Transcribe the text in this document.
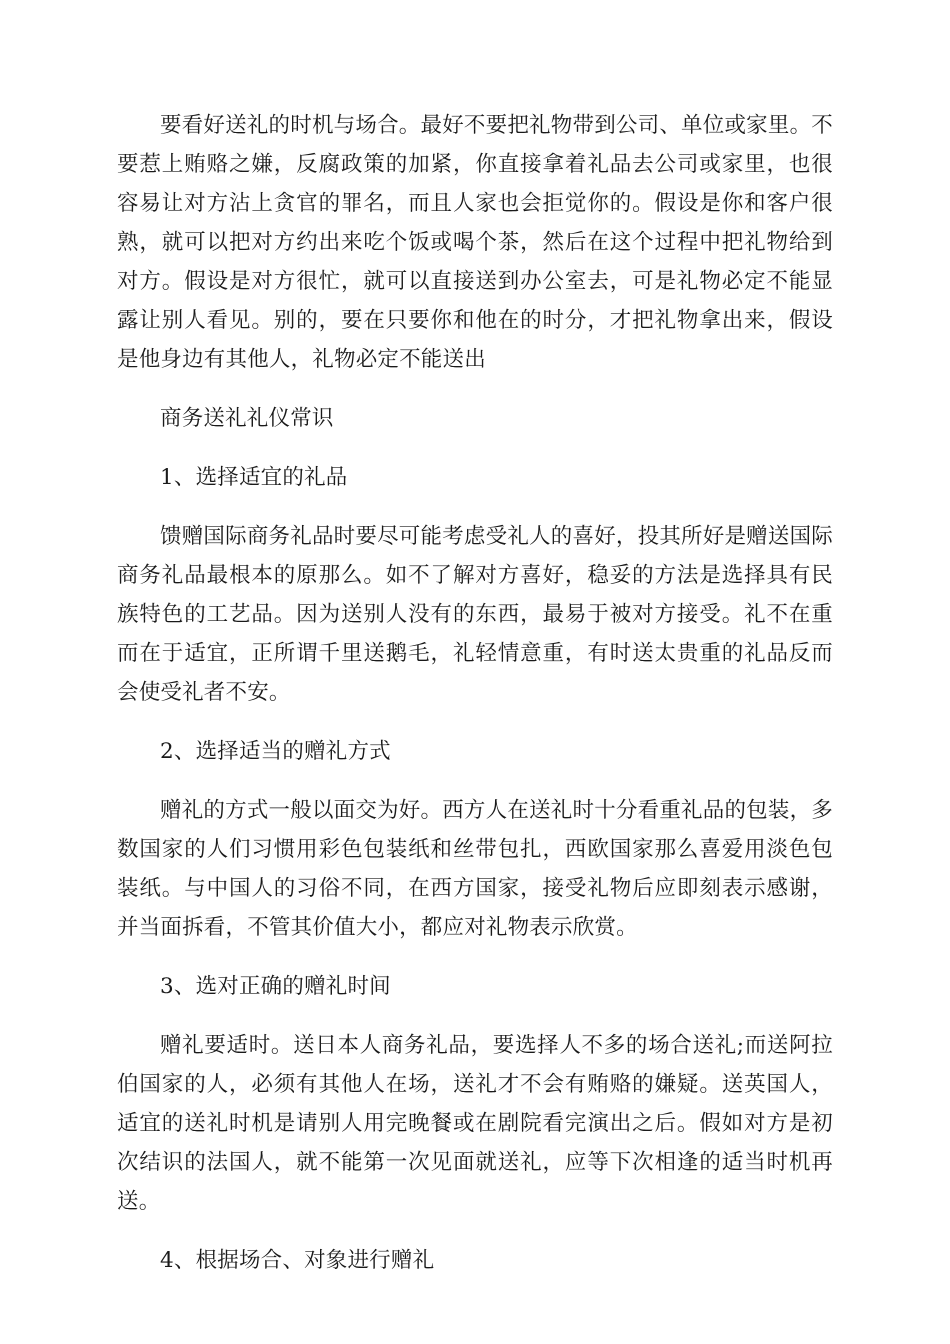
要看好送礼的时机与场合。最好不要把礼物带到公司、单位或家里。不要惹上贿赂之嫌，反腐政策的加紧，你直接拿着礼品去公司或家里，也很容易让对方沾上贪官的罪名，而且人家也会拒觉你的。假设是你和客户很熟，就可以把对方约出来吃个饭或喝个茶，然后在这个过程中把礼物给到对方。假设是对方很忙，就可以直接送到办公室去，可是礼物必定不能显露让别人看见。别的，要在只要你和他在的时分，才把礼物拿出来，假设是他身边有其他人，礼物必定不能送出

商务送礼礼仪常识

1、选择适宜的礼品

馈赠国际商务礼品时要尽可能考虑受礼人的喜好，投其所好是赠送国际商务礼品最根本的原那么。如不了解对方喜好，稳妥的方法是选择具有民族特色的工艺品。因为送别人没有的东西，最易于被对方接受。礼不在重而在于适宜，正所谓千里送鹅毛，礼轻情意重，有时送太贵重的礼品反而会使受礼者不安。

2、选择适当的赠礼方式

赠礼的方式一般以面交为好。西方人在送礼时十分看重礼品的包装，多数国家的人们习惯用彩色包装纸和丝带包扎，西欧国家那么喜爱用淡色包装纸。与中国人的习俗不同，在西方国家，接受礼物后应即刻表示感谢，并当面拆看，不管其价值大小，都应对礼物表示欣赏。

3、选对正确的赠礼时间

赠礼要适时。送日本人商务礼品，要选择人不多的场合送礼;而送阿拉伯国家的人，必须有其他人在场，送礼才不会有贿赂的嫌疑。送英国人，适宜的送礼时机是请别人用完晚餐或在剧院看完演出之后。假如对方是初次结识的法国人，就不能第一次见面就送礼，应等下次相逢的适当时机再送。

4、根据场合、对象进行赠礼
